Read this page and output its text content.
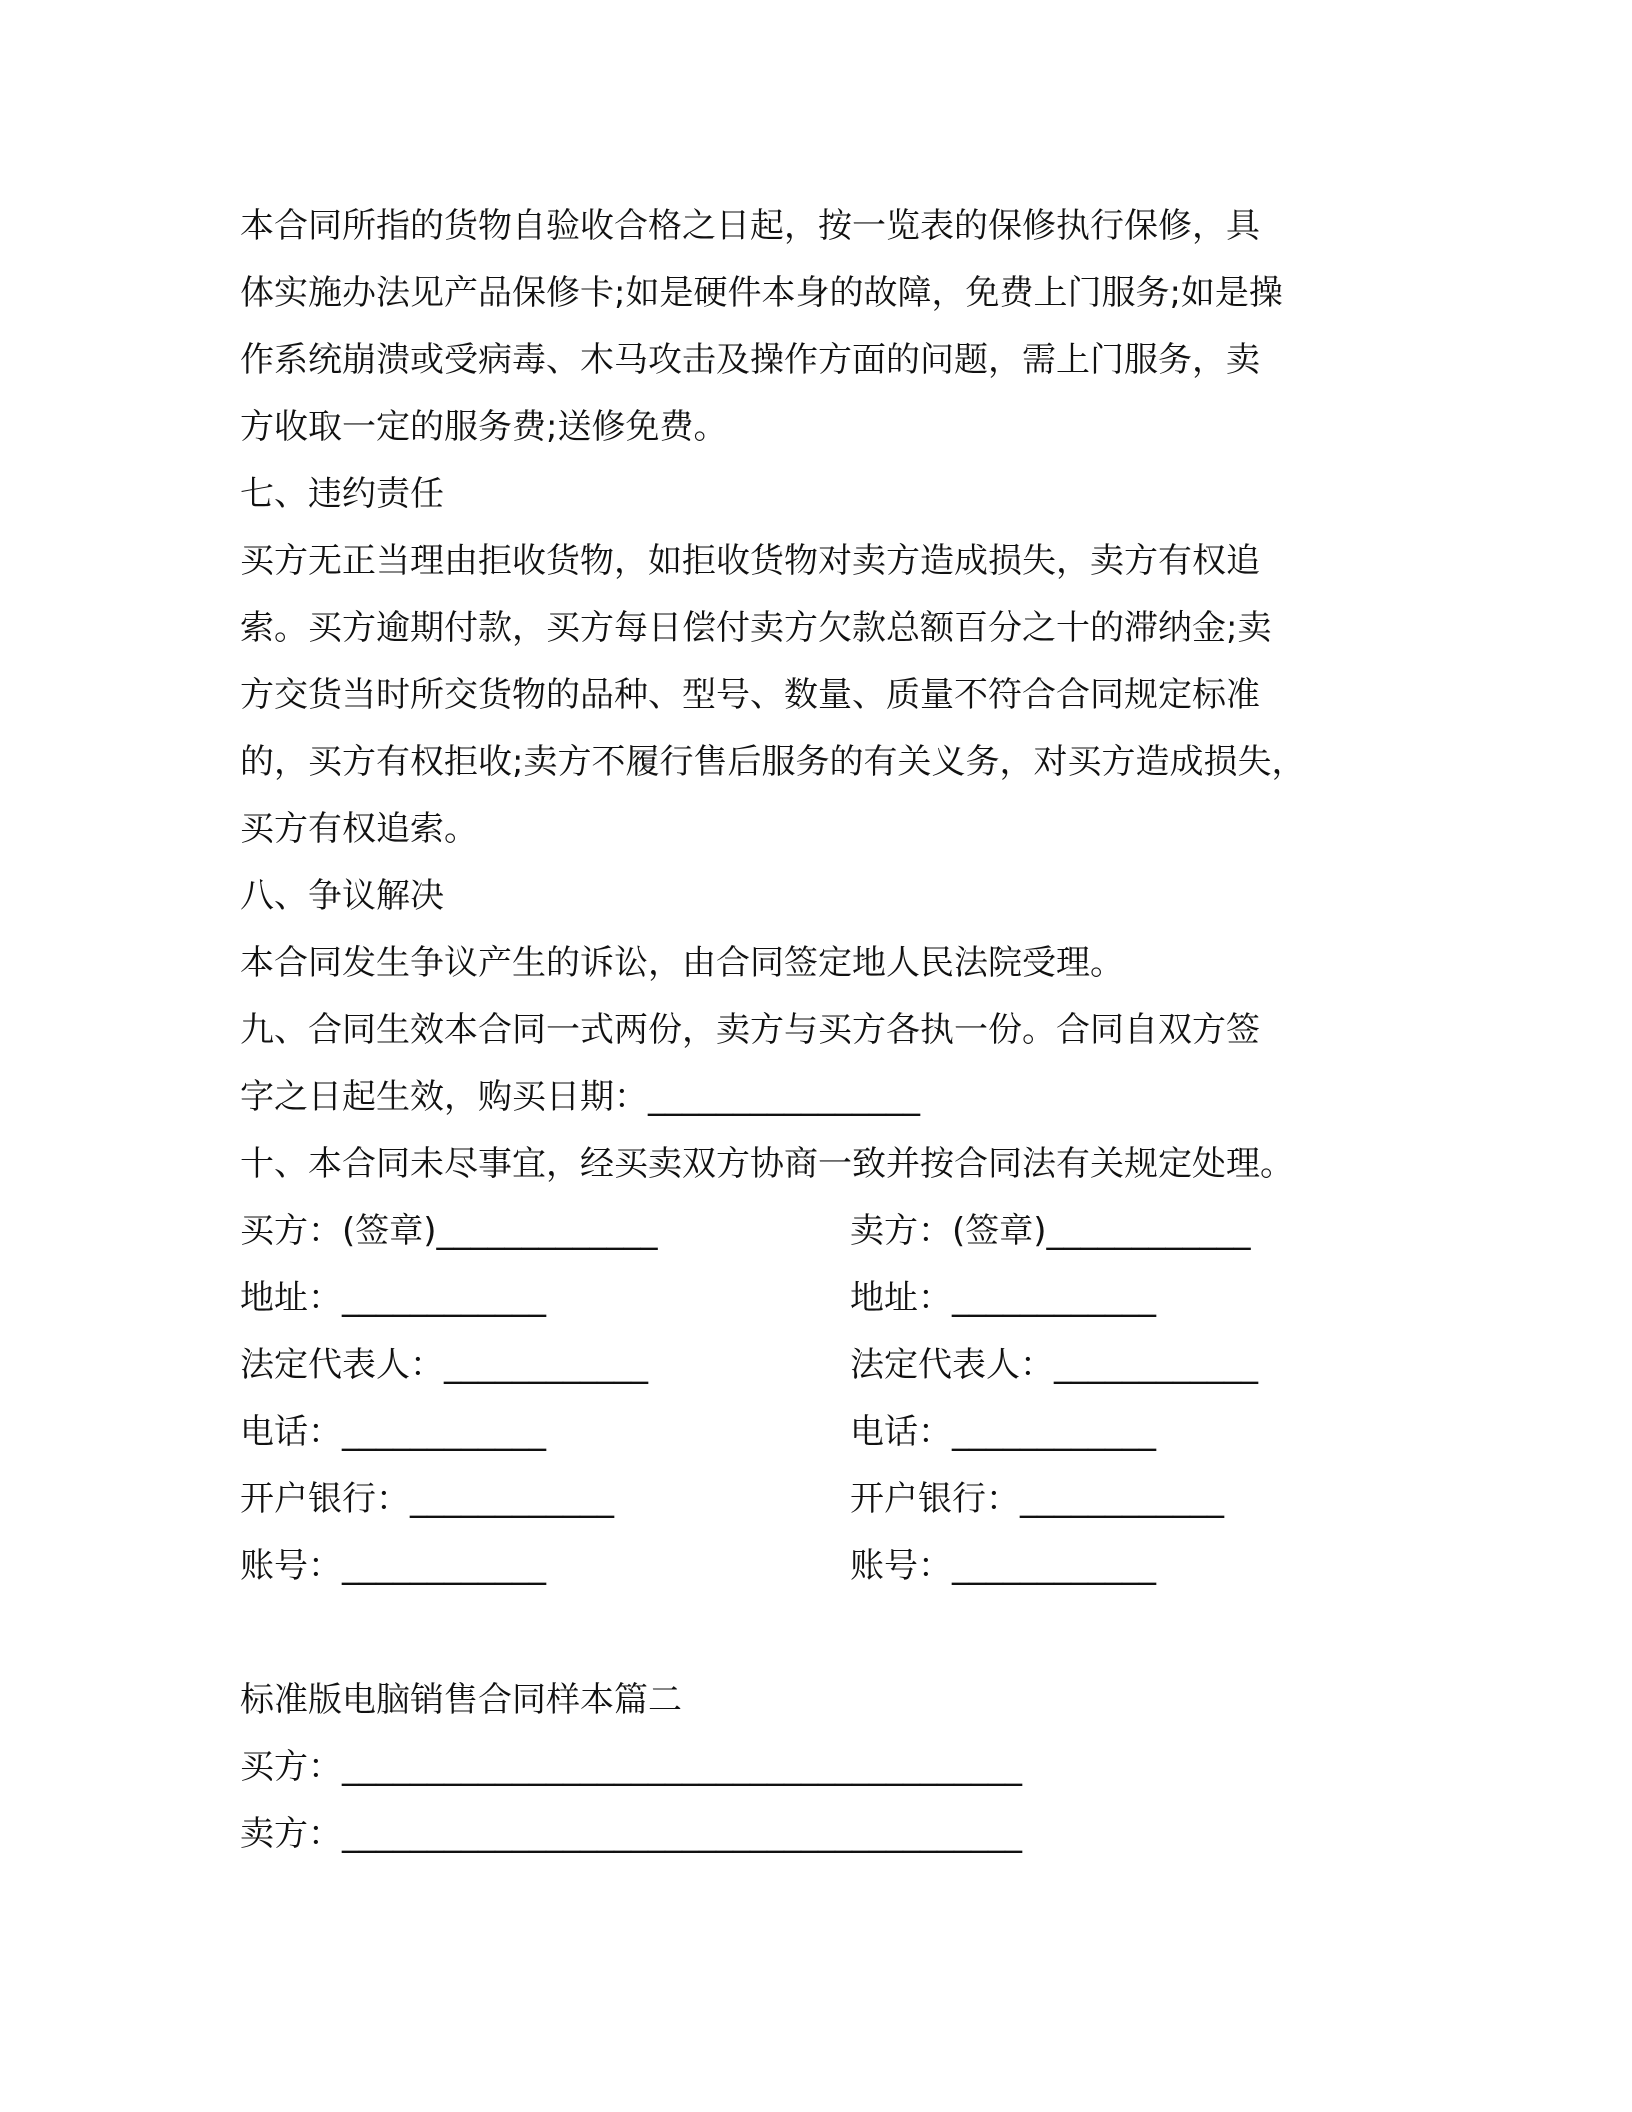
本合同所指的货物自验收合格之日起，按一览表的保修执行保修，具
体实施办法见产品保修卡;如是硬件本身的故障，免费上门服务;如是操
作系统崩溃或受病毒、木马攻击及操作方面的问题，需上门服务，卖
方收取一定的服务费;送修免费。
七、违约责任
买方无正当理由拒收货物，如拒收货物对卖方造成损失，卖方有权追
索。买方逾期付款，买方每日偿付卖方欠款总额百分之十的滞纳金;卖
方交货当时所交货物的品种、型号、数量、质量不符合合同规定标准
的，买方有权拒收;卖方不履行售后服务的有关义务，对买方造成损失，
买方有权追索。
八、争议解决
本合同发生争议产生的诉讼，由合同签定地人民法院受理。
九、合同生效本合同一式两份，卖方与买方各执一份。合同自双方签
字之日起生效，购买日期：________________
十、本合同未尽事宜，经买卖双方协商一致并按合同法有关规定处理。
买方：(签章)_____________	卖方：(签章)____________
地址：____________	地址：____________
法定代表人：____________	法定代表人：____________
电话：____________	电话：____________
开户银行：____________	开户银行：____________
账号：____________	账号：____________
标准版电脑销售合同样本篇二
买方：________________________________________
卖方：________________________________________
